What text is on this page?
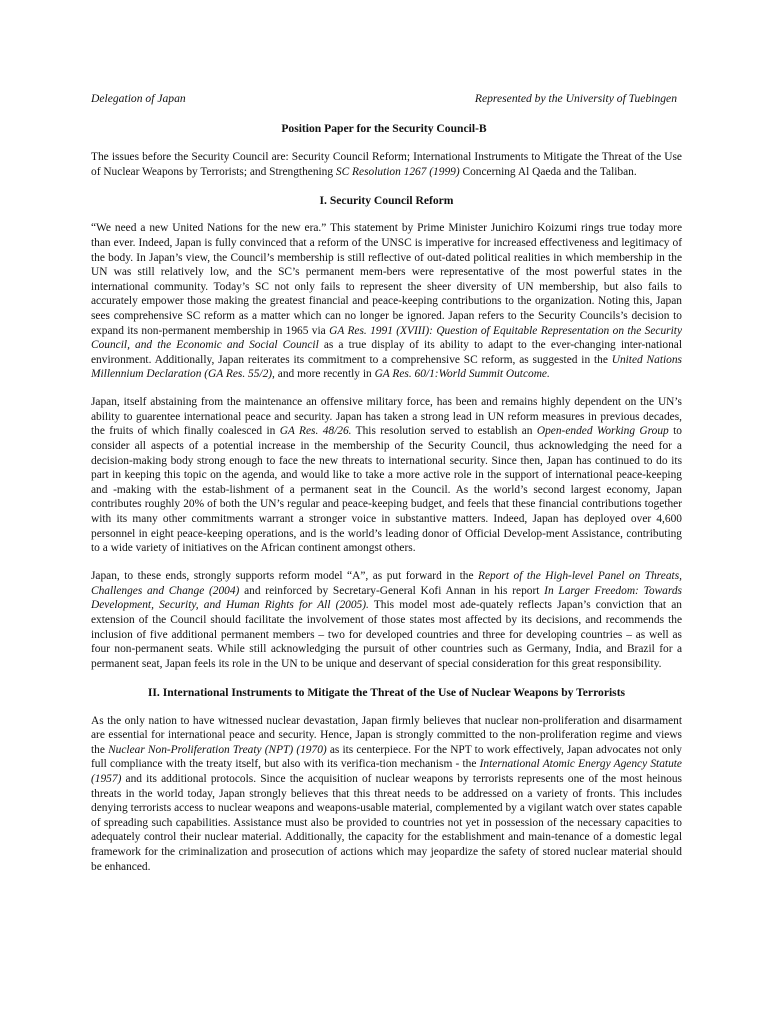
Delegation of Japan	Represented by the University of Tuebingen
Position Paper for the Security Council-B

The issues before the Security Council are: Security Council Reform; International Instruments to Mitigate the Threat of the Use of Nuclear Weapons by Terrorists; and Strengthening SC Resolution 1267 (1999) Concerning Al Qaeda and the Taliban.

I. Security Council Reform

“We need a new United Nations for the new era.” This statement by Prime Minister Junichiro Koizumi rings true today more than ever. Indeed, Japan is fully convinced that a reform of the UNSC is imperative for increased effectiveness and legitimacy of the body. In Japan’s view, the Council’s membership is still reflective of out-dated political realities in which membership in the UN was still relatively low, and the SC’s permanent mem-bers were representative of the most powerful states in the international community. Today’s SC not only fails to represent the sheer diversity of UN membership, but also fails to accurately empower those making the greatest financial and peace-keeping contributions to the organization. Noting this, Japan sees comprehensive SC reform as a matter which can no longer be ignored. Japan refers to the Security Councils’s decision to expand its non-permanent membership in 1965 via GA Res. 1991 (XVIII): Question of Equitable Representation on the Security Council, and the Economic and Social Council as a true display of its ability to adapt to the ever-changing inter-national environment. Additionally, Japan reiterates its commitment to a comprehensive SC reform, as suggested in the United Nations Millennium Declaration (GA Res. 55/2), and more recently in GA Res. 60/1:World Summit Outcome.

Japan, itself abstaining from the maintenance an offensive military force, has been and remains highly dependent on the UN’s ability to guarentee international peace and security. Japan has taken a strong lead in UN reform measures in previous decades, the fruits of which finally coalesced in GA Res. 48/26. This resolution served to establish an Open-ended Working Group to consider all aspects of a potential increase in the membership of the Security Council, thus acknowledging the need for a decision-making body strong enough to face the new threats to international security. Since then, Japan has continued to do its part in keeping this topic on the agenda, and would like to take a more active role in the support of international peace-keeping and -making with the estab-lishment of a permanent seat in the Council. As the world’s second largest economy, Japan contributes roughly 20% of both the UN’s regular and peace-keeping budget, and feels that these financial contributions together with its many other commitments warrant a stronger voice in substantive matters. Indeed, Japan has deployed over 4,600 personnel in eight peace-keeping operations, and is the world’s leading donor of Official Develop-ment Assistance, contributing to a wide variety of initiatives on the African continent amongst others.

Japan, to these ends, strongly supports reform model “A”, as put forward in the Report of the High-level Panel on Threats, Challenges and Change (2004) and reinforced by Secretary-General Kofi Annan in his report In Larger Freedom: Towards Development, Security, and Human Rights for All (2005). This model most ade-quately reflects Japan’s conviction that an extension of the Council should facilitate the involvement of those states most affected by its decisions, and recommends the inclusion of five additional permanent members – two for developed countries and three for developing countries – as well as four non-permanent seats. While still acknowledging the pursuit of other countries such as Germany, India, and Brazil for a permanent seat, Japan feels its role in the UN to be unique and deservant of special consideration for this great responsibility.

II. International Instruments to Mitigate the Threat of the Use of Nuclear Weapons by Terrorists

As the only nation to have witnessed nuclear devastation, Japan firmly believes that nuclear non-proliferation and disarmament are essential for international peace and security. Hence, Japan is strongly committed to the non-proliferation regime and views the Nuclear Non-Proliferation Treaty (NPT) (1970) as its centerpiece. For the NPT to work effectively, Japan advocates not only full compliance with the treaty itself, but also with its verifica-tion mechanism - the International Atomic Energy Agency Statute (1957) and its additional protocols. Since the acquisition of nuclear weapons by terrorists represents one of the most heinous threats in the world today, Japan strongly believes that this threat needs to be addressed on a variety of fronts. This includes denying terrorists access to nuclear weapons and weapons-usable material, complemented by a vigilant watch over states capable of spreading such capabilities. Assistance must also be provided to countries not yet in possession of the necessary capacities to adequately control their nuclear material. Additionally, the capacity for the establishment and main-tenance of a domestic legal framework for the criminalization and prosecution of actions which may jeopardize the safety of stored nuclear material should be enhanced.
